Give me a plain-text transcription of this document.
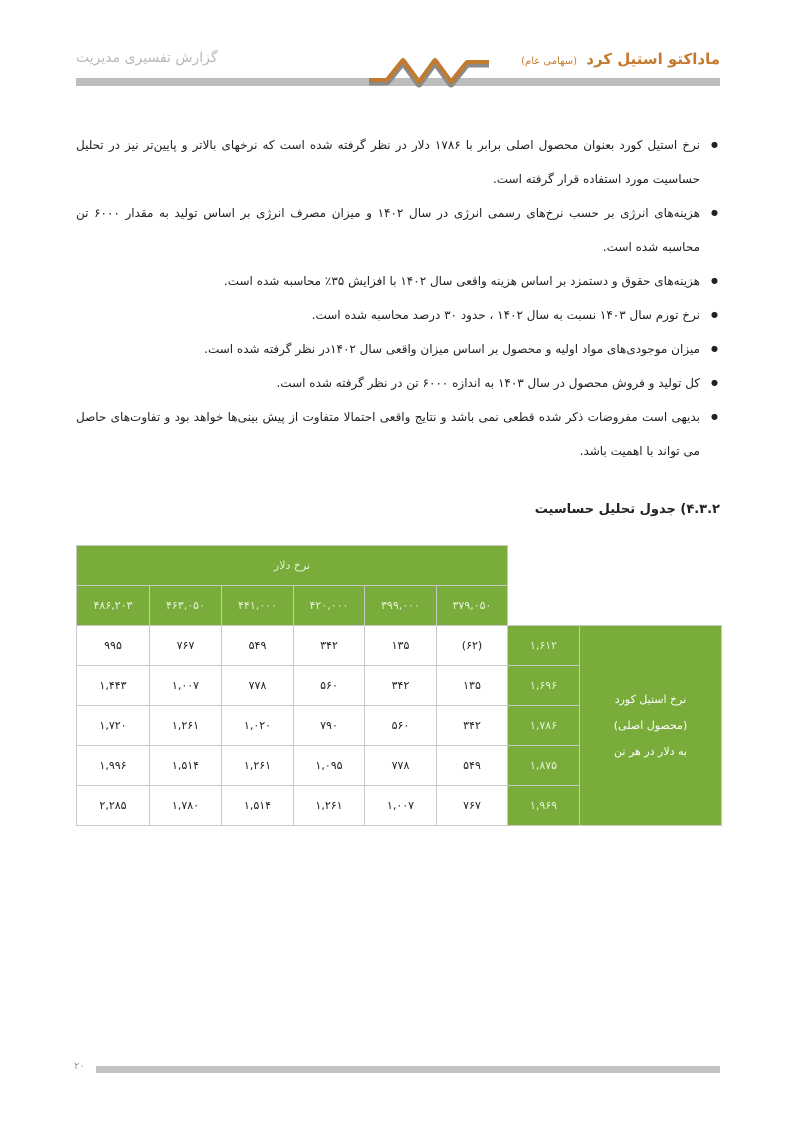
ماداکتو استیل کرد (سهامی عام)
گزارش تفسیری مدیریت
● نرخ استیل کورد بعنوان محصول اصلی برابر با ۱۷۸۶ دلار در نظر گرفته شده است که نرخهای بالاتر و پایین‌تر نیز در تحلیل حساسیت مورد استفاده قرار گرفته است.
● هزینه‌های انرژی بر حسب نرخ‌های رسمی انرژی در سال ۱۴۰۲ و میزان مصرف انرژی بر اساس تولید به مقدار ۶۰۰۰ تن محاسبه شده است.
● هزینه‌های حقوق و دستمزد بر اساس هزینه واقعی سال ۱۴۰۲ با افزایش ۳۵٪ محاسبه شده است.
● نرخ تورم سال ۱۴۰۳ نسبت به سال ۱۴۰۲ ، حدود ۳۰ درصد محاسبه شده است.
● میزان موجودی‌های مواد اولیه و محصول بر اساس میزان واقعی سال ۱۴۰۲در نظر گرفته شده است.
● کل تولید و فروش محصول در سال ۱۴۰۳ به اندازه ۶۰۰۰ تن در نظر گرفته شده است.
● بدیهی است مفروضات ذکر شده قطعی نمی باشد و نتایج واقعی احتمالا متفاوت از پیش بینی‌ها خواهد بود و تفاوت‌های حاصل می تواند با اهمیت باشد.
۴.۳.۲) جدول تحلیل حساسیت
		نرخ دلار					
		۳۷۹,۰۵۰	۳۹۹,۰۰۰	۴۲۰,۰۰۰	۴۴۱,۰۰۰	۴۶۳,۰۵۰	۴۸۶,۲۰۳

نرخ استیل کورد
(محصول اصلی)
به دلار در هر تن	۱,۶۱۲	(۶۲)	۱۳۵	۳۴۲	۵۴۹	۷۶۷	۹۹۵
	۱,۶۹۶	۱۳۵	۳۴۲	۵۶۰	۷۷۸	۱,۰۰۷	۱,۴۴۳
	۱,۷۸۶	۳۴۲	۵۶۰	۷۹۰	۱,۰۲۰	۱,۲۶۱	۱,۷۲۰
	۱,۸۷۵	۵۴۹	۷۷۸	۱,۰۹۵	۱,۲۶۱	۱,۵۱۴	۱,۹۹۶
	۱,۹۶۹	۷۶۷	۱,۰۰۷	۱,۲۶۱	۱,۵۱۴	۱,۷۸۰	۲,۲۸۵
۲۰
